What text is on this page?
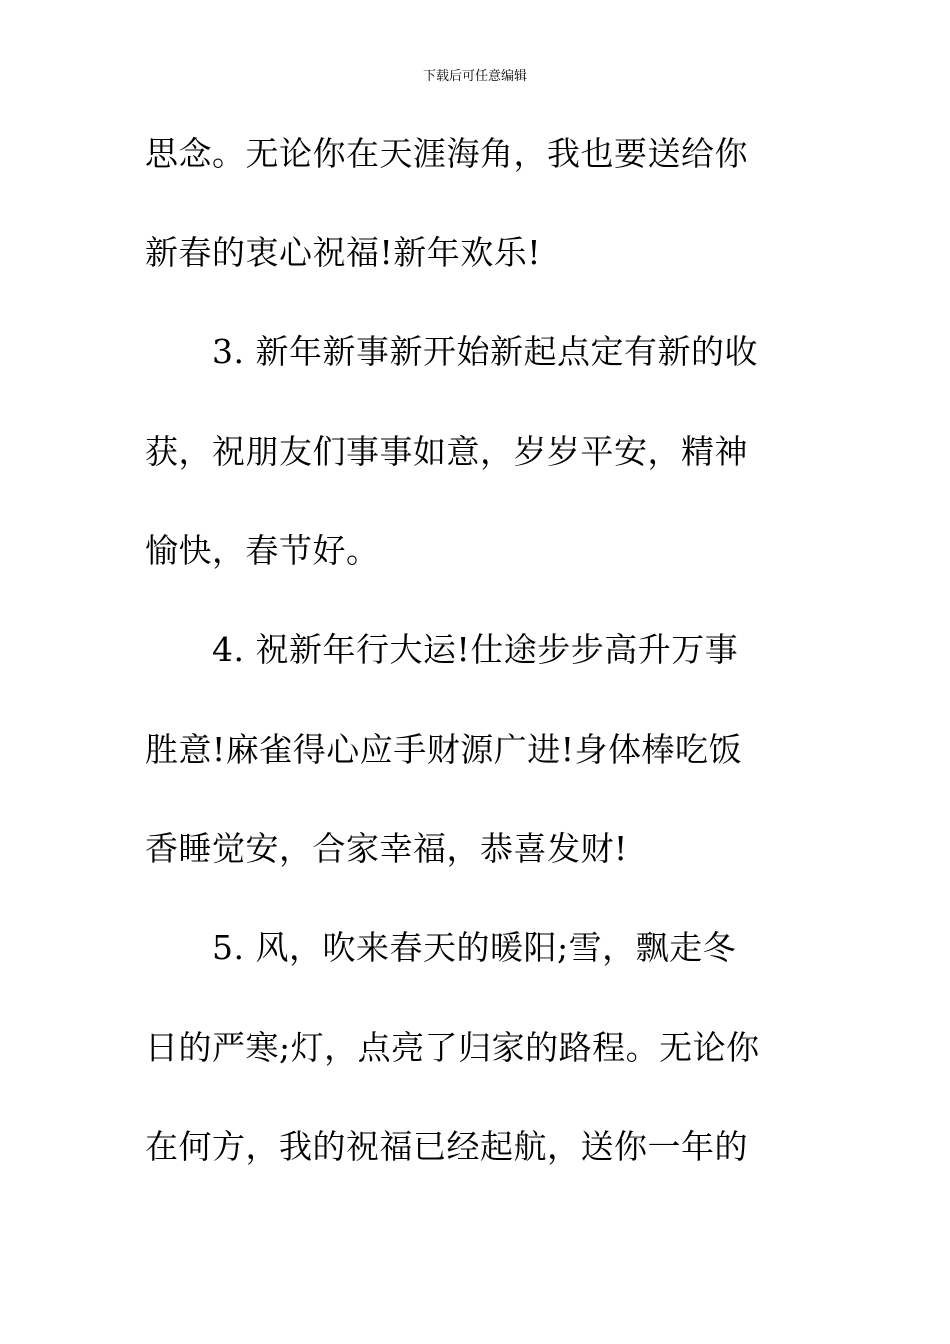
下载后可任意编辑
思念。无论你在天涯海角，我也要送给你
新春的衷心祝福!新年欢乐!
3. 新年新事新开始新起点定有新的收
获，祝朋友们事事如意，岁岁平安，精神
愉快，春节好。
4. 祝新年行大运!仕途步步高升万事
胜意!麻雀得心应手财源广进!身体棒吃饭
香睡觉安，合家幸福，恭喜发财!
5. 风，吹来春天的暖阳;雪，飘走冬
日的严寒;灯，点亮了归家的路程。无论你
在何方，我的祝福已经起航，送你一年的
